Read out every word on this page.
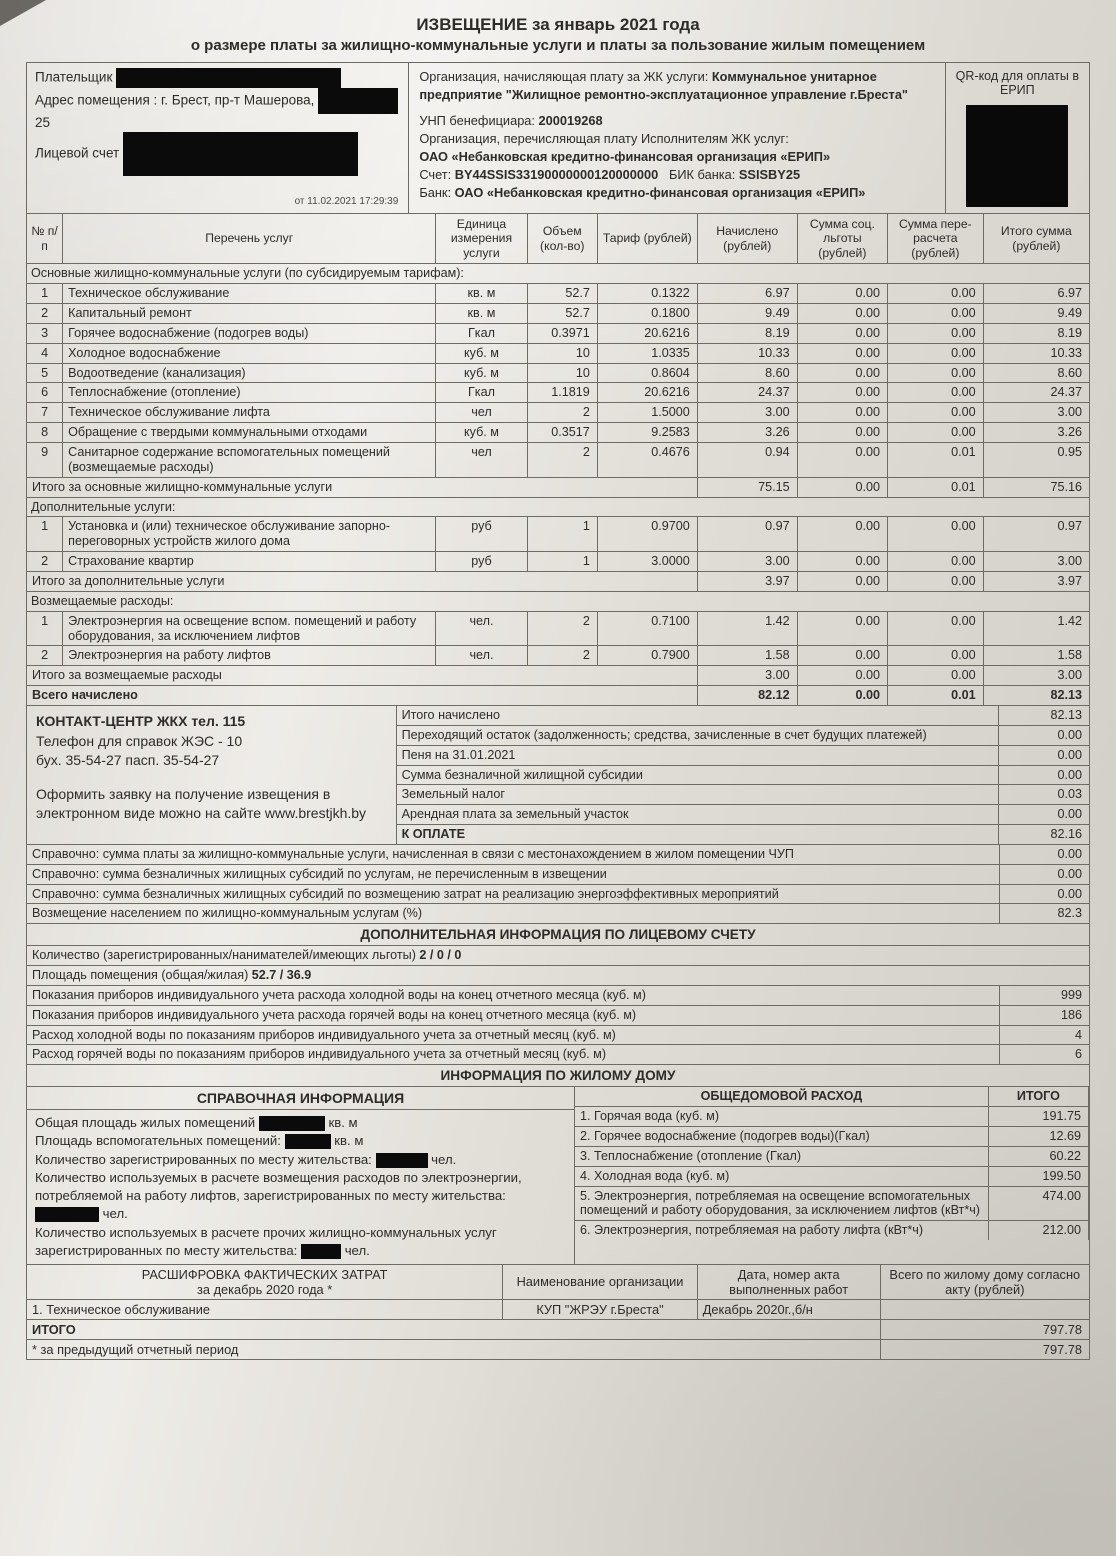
ИЗВЕЩЕНИЕ за январь 2021 года
о размере платы за жилищно-коммунальные услуги и платы за пользование жилым помещением
Плательщик
Адрес помещения : г. Брест, пр-т Машерова,
25
Лицевой счет
от 11.02.2021 17:29:39
Организация, начисляющая плату за ЖК услуги: Коммунальное унитарное предприятие "Жилищное ремонтно-эксплуатационное управление г.Бреста"
УНП бенефициара: 200019268
Организация, перечисляющая плату Исполнителям ЖК услуг:
ОАО «Небанковская кредитно-финансовая организация «ЕРИП»
Счет: BY44SSIS33190000000120000000 БИК банка: SSISBY25
Банк: ОАО «Небанковская кредитно-финансовая организация «ЕРИП»
QR-код для оплаты в ЕРИП
№ п/п	Перечень услуг	Единица измерения услуги	Объем (кол-во)	Тариф (рублей)	Начислено (рублей)	Сумма соц. льготы (рублей)	Сумма пере-расчета (рублей)	Итого сумма (рублей)
Основные жилищно-коммунальные услуги (по субсидируемым тарифам):								
1	Техническое обслуживание	кв. м	52.7	0.1322	6.97	0.00	0.00	6.97
2	Капитальный ремонт	кв. м	52.7	0.1800	9.49	0.00	0.00	9.49
3	Горячее водоснабжение (подогрев воды)	Гкал	0.3971	20.6216	8.19	0.00	0.00	8.19
4	Холодное водоснабжение	куб. м	10	1.0335	10.33	0.00	0.00	10.33
5	Водоотведение (канализация)	куб. м	10	0.8604	8.60	0.00	0.00	8.60
6	Теплоснабжение (отопление)	Гкал	1.1819	20.6216	24.37	0.00	0.00	24.37
7	Техническое обслуживание лифта	чел	2	1.5000	3.00	0.00	0.00	3.00
8	Обращение с твердыми коммунальными отходами	куб. м	0.3517	9.2583	3.26	0.00	0.00	3.26
9	Санитарное содержание вспомогательных помещений (возмещаемые расходы)	чел	2	0.4676	0.94	0.00	0.01	0.95
Итого за основные жилищно-коммунальные услуги					75.15	0.00	0.01	75.16
Дополнительные услуги:								
1	Установка и (или) техническое обслуживание запорно-переговорных устройств жилого дома	руб	1	0.9700	0.97	0.00	0.00	0.97
2	Страхование квартир	руб	1	3.0000	3.00	0.00	0.00	3.00
Итого за дополнительные услуги					3.97	0.00	0.00	3.97
Возмещаемые расходы:								
1	Электроэнергия на освещение вспом. помещений и работу оборудования, за исключением лифтов	чел.	2	0.7100	1.42	0.00	0.00	1.42
2	Электроэнергия на работу лифтов	чел.	2	0.7900	1.58	0.00	0.00	1.58
Итого за возмещаемые расходы					3.00	0.00	0.00	3.00
Всего начислено					82.12	0.00	0.01	82.13
КОНТАКТ-ЦЕНТР ЖКХ тел. 115
Телефон для справок ЖЭС - 10
бух. 35-54-27 пасп. 35-54-27
Оформить заявку на получение извещения в электронном виде можно на сайте www.brestjkh.by
Итого начислено	82.13
Переходящий остаток (задолженность; средства, зачисленные в счет будущих платежей)	0.00
Пеня на 31.01.2021	0.00
Сумма безналичной жилищной субсидии	0.00
Земельный налог	0.03
Арендная плата за земельный участок	0.00
К ОПЛАТЕ	82.16
Справочно: сумма платы за жилищно-коммунальные услуги, начисленная в связи с местонахождением в жилом помещении ЧУП	0.00
Справочно: сумма безналичных жилищных субсидий по услугам, не перечисленным в извещении	0.00
Справочно: сумма безналичных жилищных субсидий по возмещению затрат на реализацию энергоэффективных мероприятий	0.00
Возмещение населением по жилищно-коммунальным услугам (%)	82.3
ДОПОЛНИТЕЛЬНАЯ ИНФОРМАЦИЯ ПО ЛИЦЕВОМУ СЧЕТУ
Количество (зарегистрированных/нанимателей/имеющих льготы) 2 / 0 / 0	
Площадь помещения (общая/жилая) 52.7 / 36.9	
Показания приборов индивидуального учета расхода холодной воды на конец отчетного месяца (куб. м)	999
Показания приборов индивидуального учета расхода горячей воды на конец отчетного месяца (куб. м)	186
Расход холодной воды по показаниям приборов индивидуального учета за отчетный месяц (куб. м)	4
Расход горячей воды по показаниям приборов индивидуального учета за отчетный месяц (куб. м)	6
ИНФОРМАЦИЯ ПО ЖИЛОМУ ДОМУ
СПРАВОЧНАЯ ИНФОРМАЦИЯ
Общая площадь жилых помещений	кв. м
Площадь вспомогательных помещений:	кв. м
Количество зарегистрированных по месту жительства:	чел.
Количество используемых в расчете возмещения расходов по электроэнергии, потребляемой на работу лифтов, зарегистрированных по месту жительства:  чел.
Количество используемых в расчете прочих жилищно-коммунальных услуг зарегистрированных по месту жительства:	чел.
ОБЩЕДОМОВОЙ РАСХОД	ИТОГО
1. Горячая вода (куб. м)	191.75
2. Горячее водоснабжение (подогрев воды)(Гкал)	12.69
3. Теплоснабжение (отопление (Гкал)	60.22
4. Холодная вода (куб. м)	199.50
5. Электроэнергия, потребляемая на освещение вспомогательных помещений и работу оборудования, за исключением лифтов (кВт*ч)	474.00
6. Электроэнергия, потребляемая на работу лифта (кВт*ч)	212.00
РАСШИФРОВКА ФАКТИЧЕСКИХ ЗАТРАТ
за декабрь 2020 года *	Наименование организации	Дата, номер акта выполненных работ	Всего по жилому дому согласно акту (рублей)
1. Техническое обслуживание	КУП "ЖРЭУ г.Бреста"	Декабрь 2020г.,б/н	
ИТОГО			797.78
* за предыдущий отчетный период			797.78
